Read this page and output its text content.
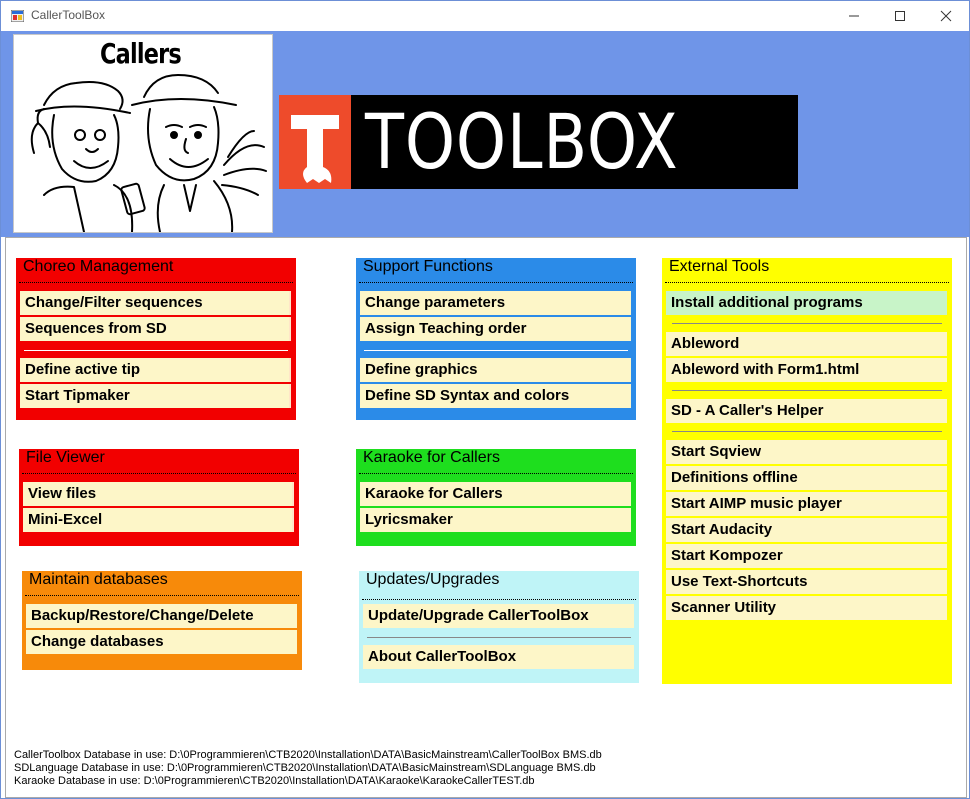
CallerToolBox
Callers
TOOLBOX
Choreo Management
Change/Filter sequences
Sequences from SD
Define active tip
Start Tipmaker
Support Functions
Change parameters
Assign Teaching order
Define graphics
Define SD Syntax and colors
External Tools
Install additional programs
Ableword
Ableword with Form1.html
SD - A Caller's Helper
Start Sqview
Definitions offline
Start AIMP music player
Start Audacity
Start Kompozer
Use Text-Shortcuts
Scanner Utility
File Viewer
View files
Mini-Excel
Karaoke for Callers
Karaoke for Callers
Lyricsmaker
Maintain databases
Backup/Restore/Change/Delete
Change databases
Updates/Upgrades
Update/Upgrade CallerToolBox
About CallerToolBox
CallerToolbox Database in use: D:\0Programmieren\CTB2020\Installation\DATA\BasicMainstream\CallerToolBox BMS.db
SDLanguage Database in use: D:\0Programmieren\CTB2020\Installation\DATA\BasicMainstream\SDLanguage BMS.db
Karaoke Database in use: D:\0Programmieren\CTB2020\Installation\DATA\Karaoke\KaraokeCallerTEST.db
